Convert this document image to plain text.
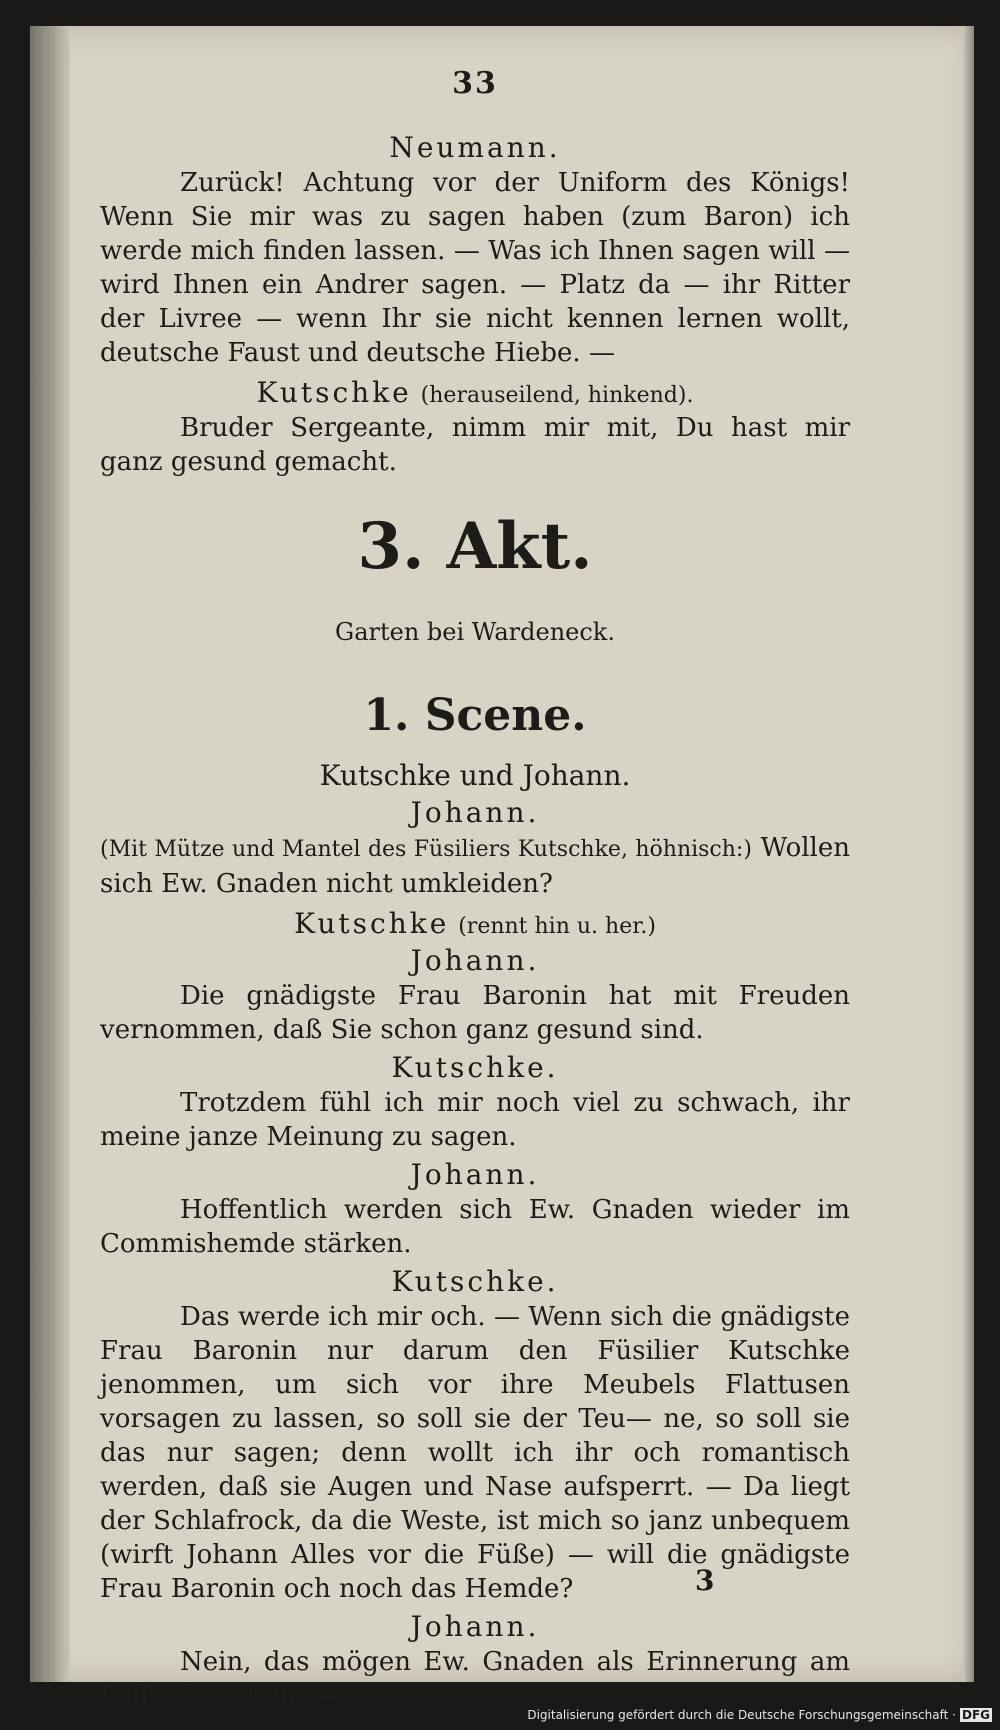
33
Neumann.

Zurück! Achtung vor der Uniform des Königs! Wenn Sie mir was zu sagen haben (zum Baron) ich werde mich finden lassen. — Was ich Ihnen sagen will — wird Ihnen ein Andrer sagen. — Platz da — ihr Ritter der Livree — wenn Ihr sie nicht kennen lernen wollt, deutsche Faust und deutsche Hiebe. —

Kutschke (herauseilend, hinkend).

Bruder Sergeante, nimm mir mit, Du hast mir ganz gesund gemacht.

3. Akt.
Garten bei Wardeneck.
1. Scene.
Kutschke und Johann.
Johann.

(Mit Mütze und Mantel des Füsiliers Kutschke, höhnisch:) Wollen sich Ew. Gnaden nicht umkleiden?

Kutschke (rennt hin u. her.)
Johann.

Die gnädigste Frau Baronin hat mit Freuden vernommen, daß Sie schon ganz gesund sind.

Kutschke.

Trotzdem fühl ich mir noch viel zu schwach, ihr meine janze Meinung zu sagen.

Johann.

Hoffentlich werden sich Ew. Gnaden wieder im Commishemde stärken.

Kutschke.

Das werde ich mir och. — Wenn sich die gnädigste Frau Baronin nur darum den Füsilier Kutschke jenommen, um sich vor ihre Meubels Flattusen vorsagen zu lassen, so soll sie der Teu— ne, so soll sie das nur sagen; denn wollt ich ihr och romantisch werden, daß sie Augen und Nase aufsperrt. — Da liegt der Schlafrock, da die Weste, ist mich so janz unbequem (wirft Johann Alles vor die Füße) — will die gnädigste Frau Baronin och noch das Hemde?

Johann.

Nein, das mögen Ew. Gnaden als Erinnerung am Leibe behalten. —

3
Digitalisierung gefördert durch die Deutsche Forschungsgemeinschaft · DFG
